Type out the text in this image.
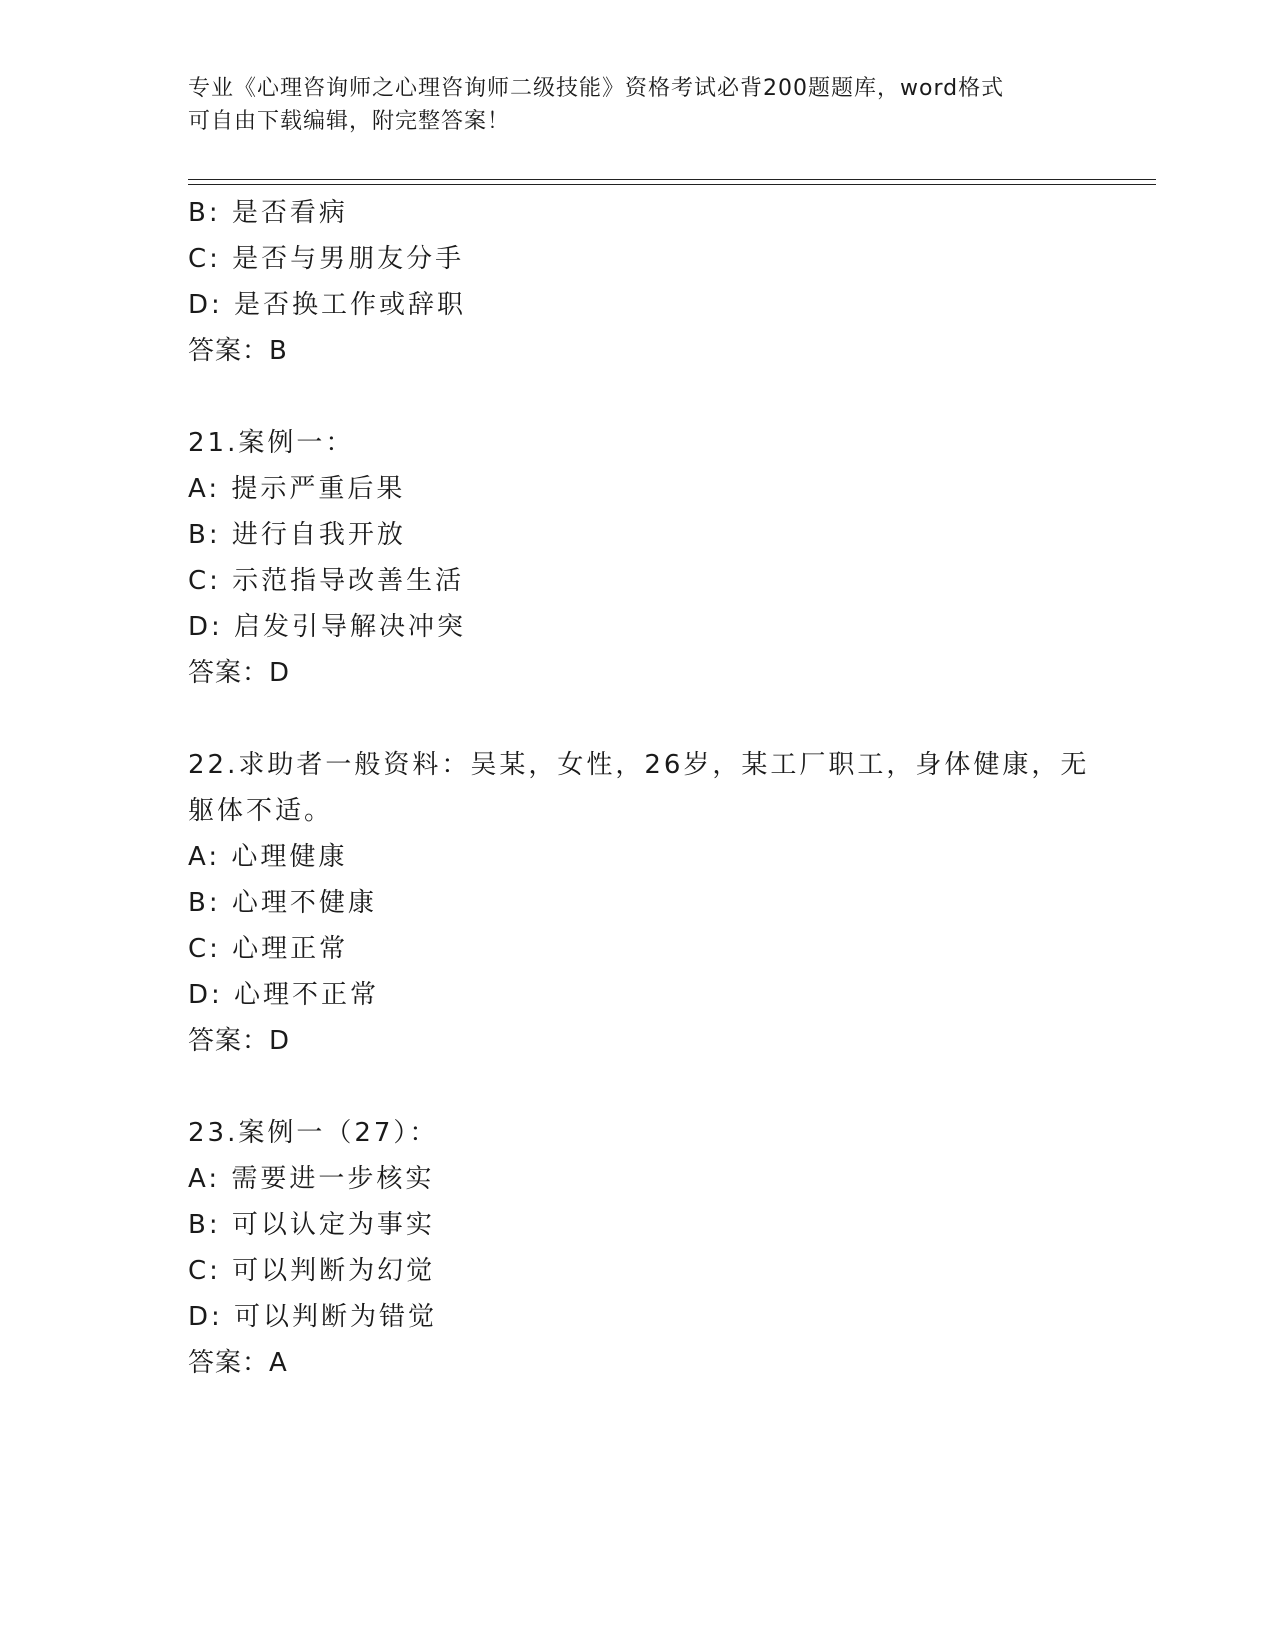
专业《心理咨询师之心理咨询师二级技能》资格考试必背200题题库，word格式
可自由下载编辑，附完整答案！
B: 是否看病
C: 是否与男朋友分手
D: 是否换工作或辞职
答案：B
21.案例一：
A: 提示严重后果
B: 进行自我开放
C: 示范指导改善生活
D: 启发引导解决冲突
答案：D
22.求助者一般资料：吴某，女性，26岁，某工厂职工，身体健康，无
躯体不适。
A: 心理健康
B: 心理不健康
C: 心理正常
D: 心理不正常
答案：D
23.案例一（27）：
A: 需要进一步核实
B: 可以认定为事实
C: 可以判断为幻觉
D: 可以判断为错觉
答案：A
